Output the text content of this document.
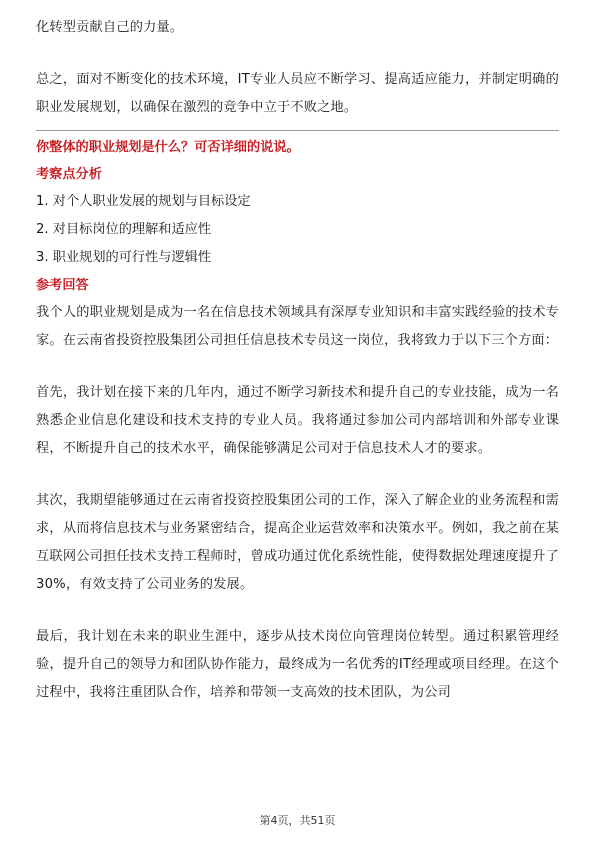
化转型贡献自己的力量。

总之，面对不断变化的技术环境，IT专业人员应不断学习、提高适应能力，并制定明确的职业发展规划，以确保在激烈的竞争中立于不败之地。

你整体的职业规划是什么？可否详细的说说。
考察点分析
1. 对个人职业发展的规划与目标设定
2. 对目标岗位的理解和适应性
3. 职业规划的可行性与逻辑性
参考回答

我个人的职业规划是成为一名在信息技术领域具有深厚专业知识和丰富实践经验的技术专家。在云南省投资控股集团公司担任信息技术专员这一岗位，我将致力于以下三个方面：

首先，我计划在接下来的几年内，通过不断学习新技术和提升自己的专业技能，成为一名熟悉企业信息化建设和技术支持的专业人员。我将通过参加公司内部培训和外部专业课程，不断提升自己的技术水平，确保能够满足公司对于信息技术人才的要求。

其次，我期望能够通过在云南省投资控股集团公司的工作，深入了解企业的业务流程和需求，从而将信息技术与业务紧密结合，提高企业运营效率和决策水平。例如，我之前在某互联网公司担任技术支持工程师时，曾成功通过优化系统性能，使得数据处理速度提升了30%，有效支持了公司业务的发展。

最后，我计划在未来的职业生涯中，逐步从技术岗位向管理岗位转型。通过积累管理经验，提升自己的领导力和团队协作能力，最终成为一名优秀的IT经理或项目经理。在这个过程中，我将注重团队合作，培养和带领一支高效的技术团队，为公司

第4页，共51页
